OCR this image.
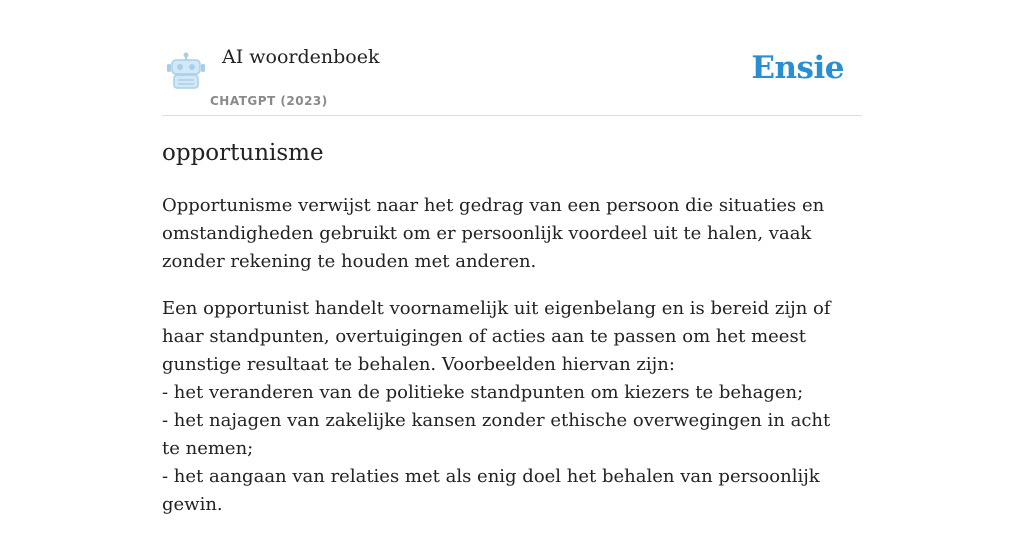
AI woordenboek
CHATGPT (2023)
Ensie
opportunisme

Opportunisme verwijst naar het gedrag van een persoon die situaties en omstandigheden gebruikt om er persoonlijk voordeel uit te halen, vaak zonder rekening te houden met anderen.

Een opportunist handelt voornamelijk uit eigenbelang en is bereid zijn of haar standpunten, overtuigingen of acties aan te passen om het meest gunstige resultaat te behalen. Voorbeelden hiervan zijn:
- het veranderen van de politieke standpunten om kiezers te behagen;
- het najagen van zakelijke kansen zonder ethische overwegingen in acht te nemen;
- het aangaan van relaties met als enig doel het behalen van persoonlijk gewin.
